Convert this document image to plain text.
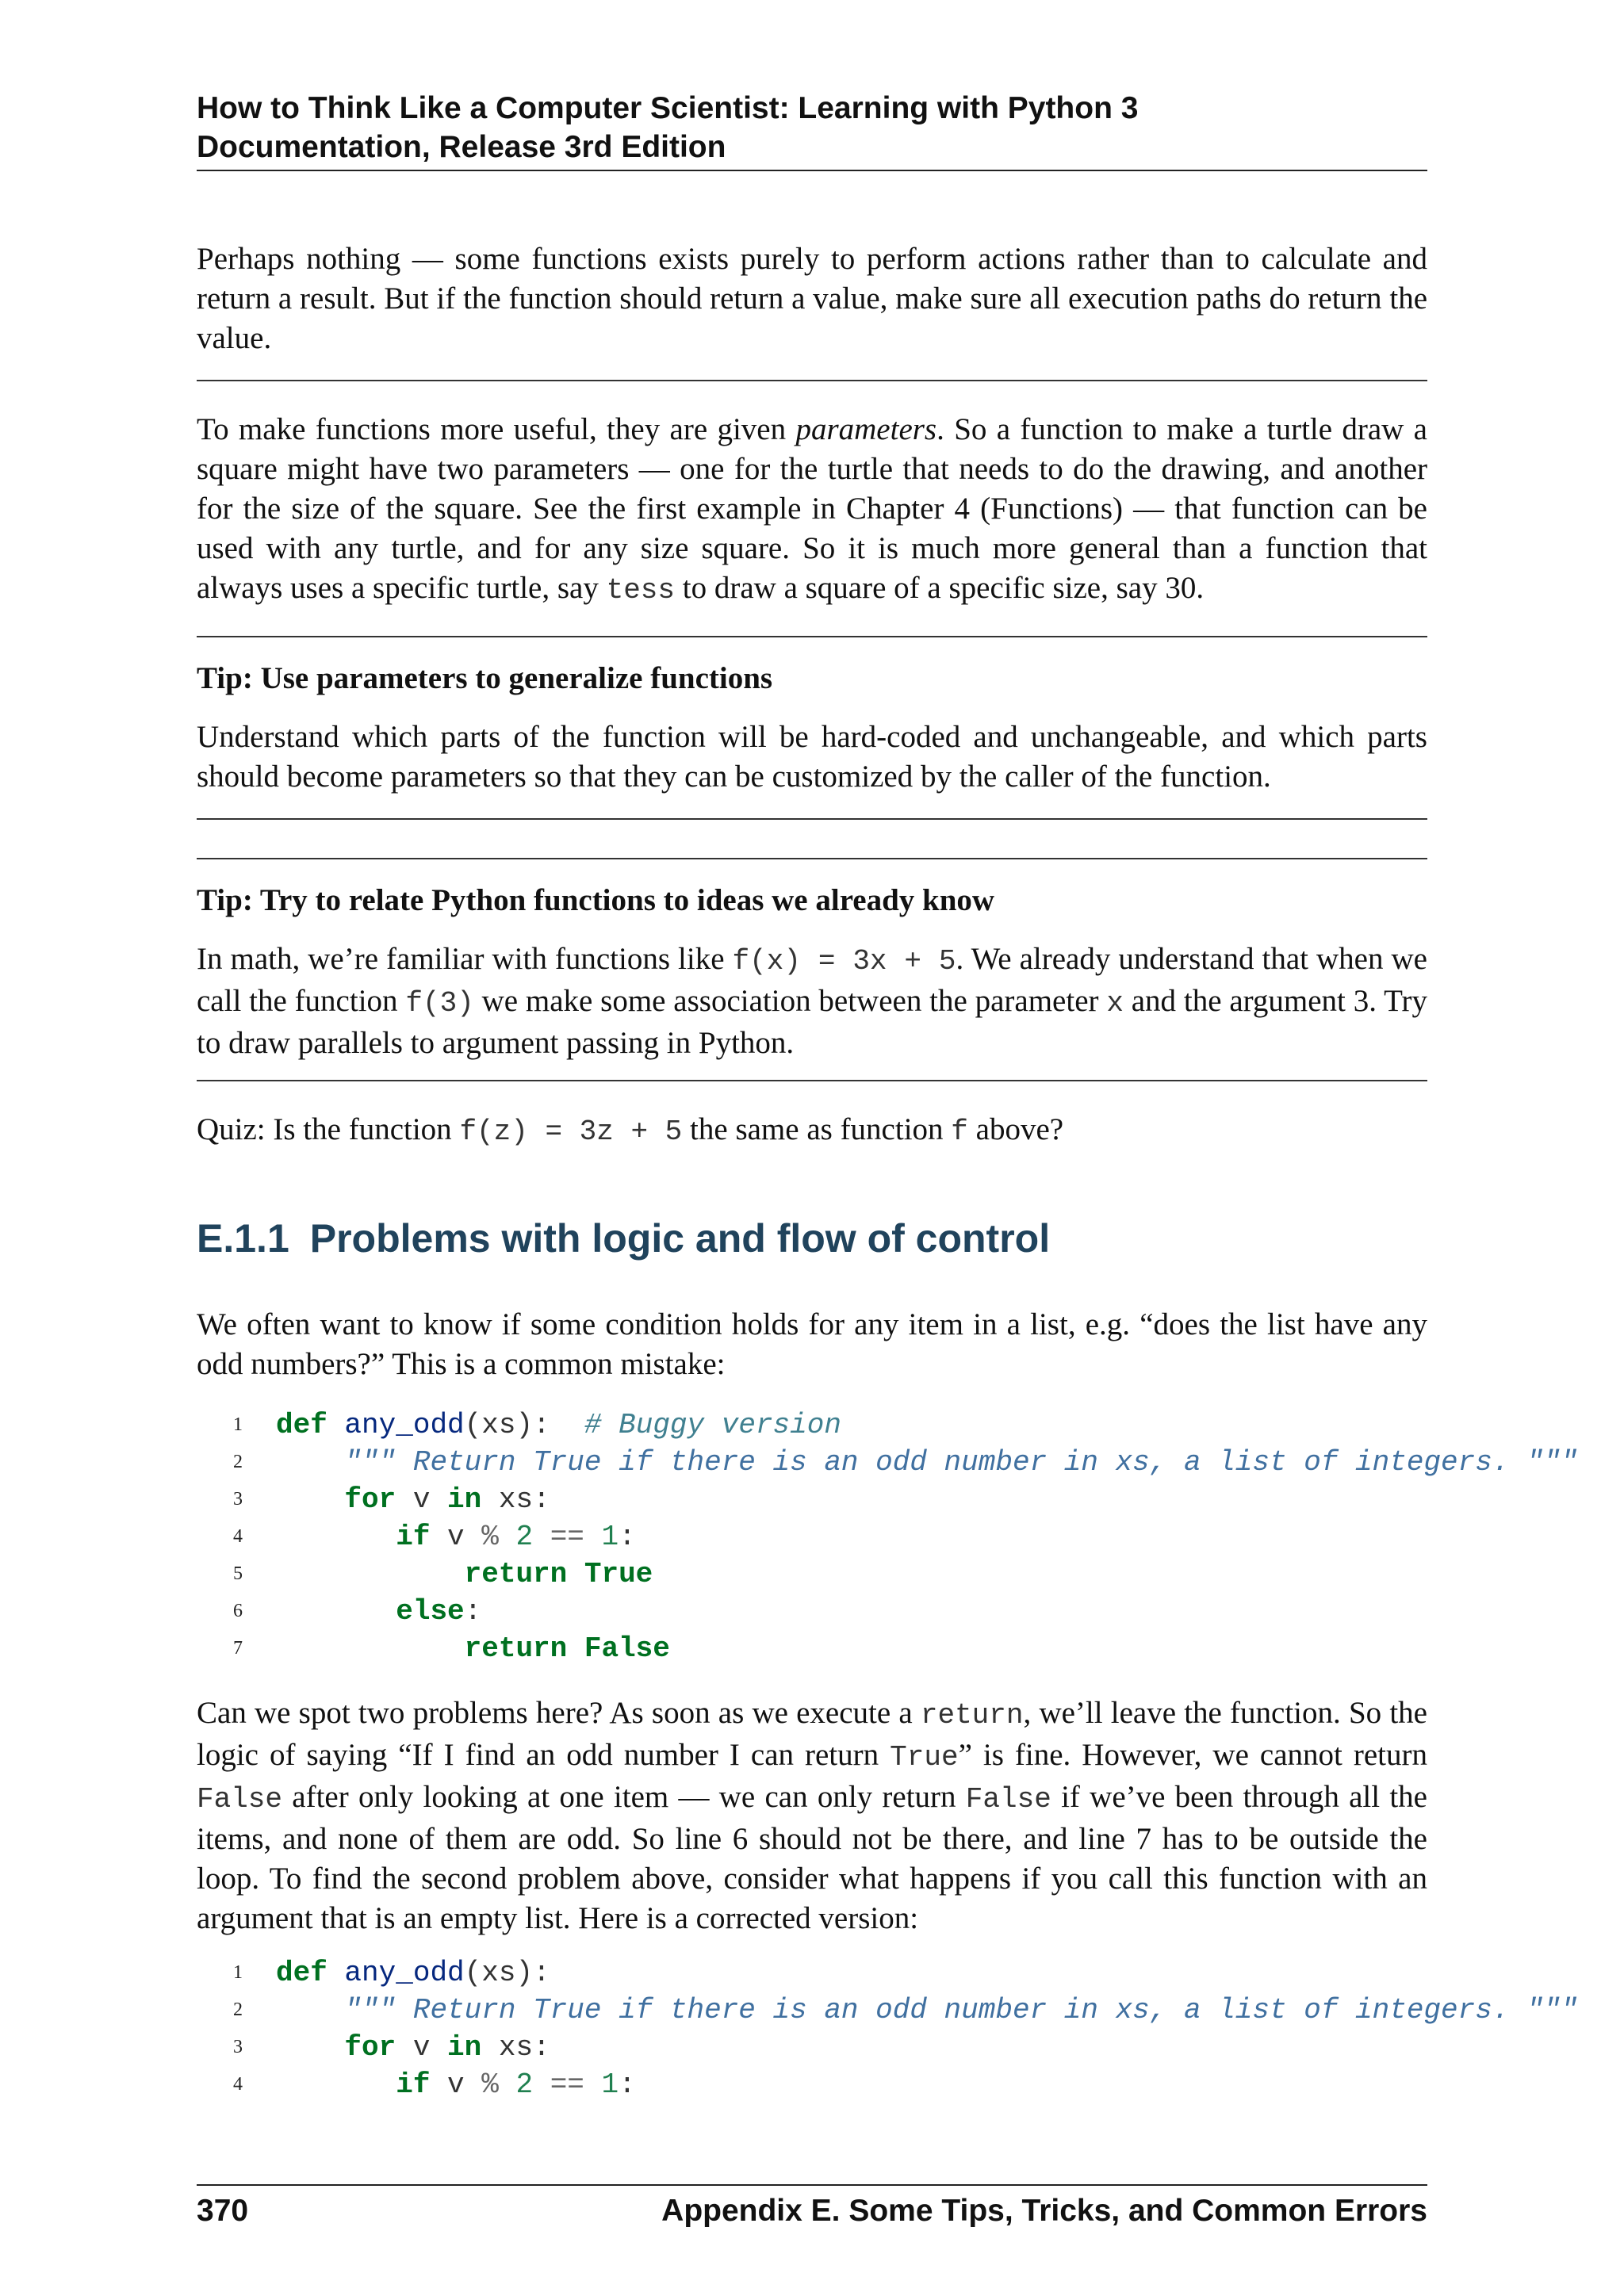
How to Think Like a Computer Scientist: Learning with Python 3
Documentation, Release 3rd Edition
Perhaps nothing — some functions exists purely to perform actions rather than to calculate and return a result. But if the function should return a value, make sure all execution paths do return the value.
To make functions more useful, they are given parameters. So a function to make a turtle draw a square might have two parameters — one for the turtle that needs to do the drawing, and another for the size of the square. See the first example in Chapter 4 (Functions) — that function can be used with any turtle, and for any size square. So it is much more general than a function that always uses a specific turtle, say tess to draw a square of a specific size, say 30.
Tip: Use parameters to generalize functions
Understand which parts of the function will be hard-coded and unchangeable, and which parts should become parameters so that they can be customized by the caller of the function.
Tip: Try to relate Python functions to ideas we already know
In math, we’re familiar with functions like f(x) = 3x + 5. We already understand that when we call the function f(3) we make some association between the parameter x and the argument 3. Try to draw parallels to argument passing in Python.
Quiz: Is the function f(z) = 3z + 5 the same as function f above?
E.1.1 Problems with logic and flow of control
We often want to know if some condition holds for any item in a list, e.g. “does the list have any odd numbers?” This is a common mistake:
1	def any_odd(xs): # Buggy version
2	""" Return True if there is an odd number in xs, a list of integers. """
3	for v in xs:
4	if v % 2 == 1:
5	return True
6	else:
7	return False
Can we spot two problems here? As soon as we execute a return, we’ll leave the function. So the logic of saying “If I find an odd number I can return True” is fine. However, we cannot return False after only looking at one item — we can only return False if we’ve been through all the items, and none of them are odd. So line 6 should not be there, and line 7 has to be outside the loop. To find the second problem above, consider what happens if you call this function with an argument that is an empty list. Here is a corrected version:
1	def any_odd(xs):
2	""" Return True if there is an odd number in xs, a list of integers. """
3	for v in xs:
4	if v % 2 == 1:
370	Appendix E. Some Tips, Tricks, and Common Errors
